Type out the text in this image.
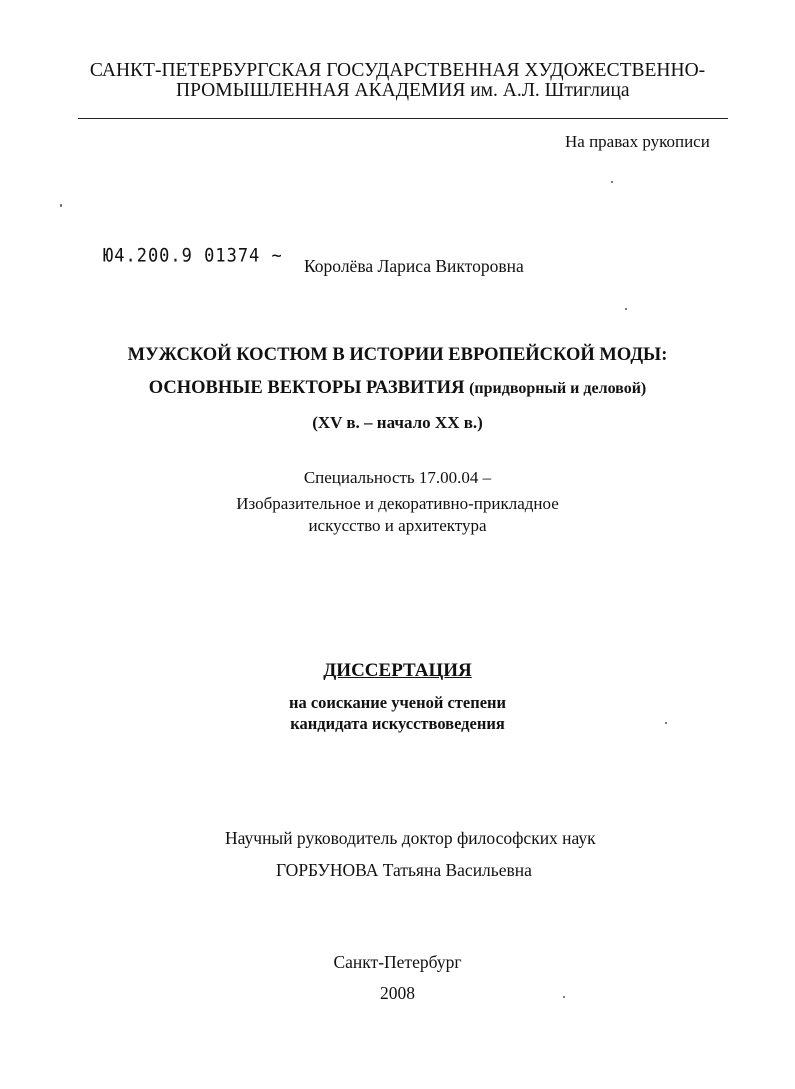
САНКТ-ПЕТЕРБУРГСКАЯ ГОСУДАРСТВЕННАЯ ХУДОЖЕСТВЕННО-
ПРОМЫШЛЕННАЯ АКАДЕМИЯ им. А.Л. Штиглица
На правах рукописи
Ю4.200.9 01374 ~ Королёва Лариса Викторовна
МУЖСКОЙ КОСТЮМ В ИСТОРИИ ЕВРОПЕЙСКОЙ МОДЫ:
ОСНОВНЫЕ ВЕКТОРЫ РАЗВИТИЯ (придворный и деловой)
(XV в. – начало XX в.)
Специальность 17.00.04 –
Изобразительное и декоративно-прикладное
искусство и архитектура
ДИССЕРТАЦИЯ
на соискание ученой степени
кандидата искусствоведения
Научный руководитель доктор философских наук
ГОРБУНОВА Татьяна Васильевна
Санкт-Петербург
2008
